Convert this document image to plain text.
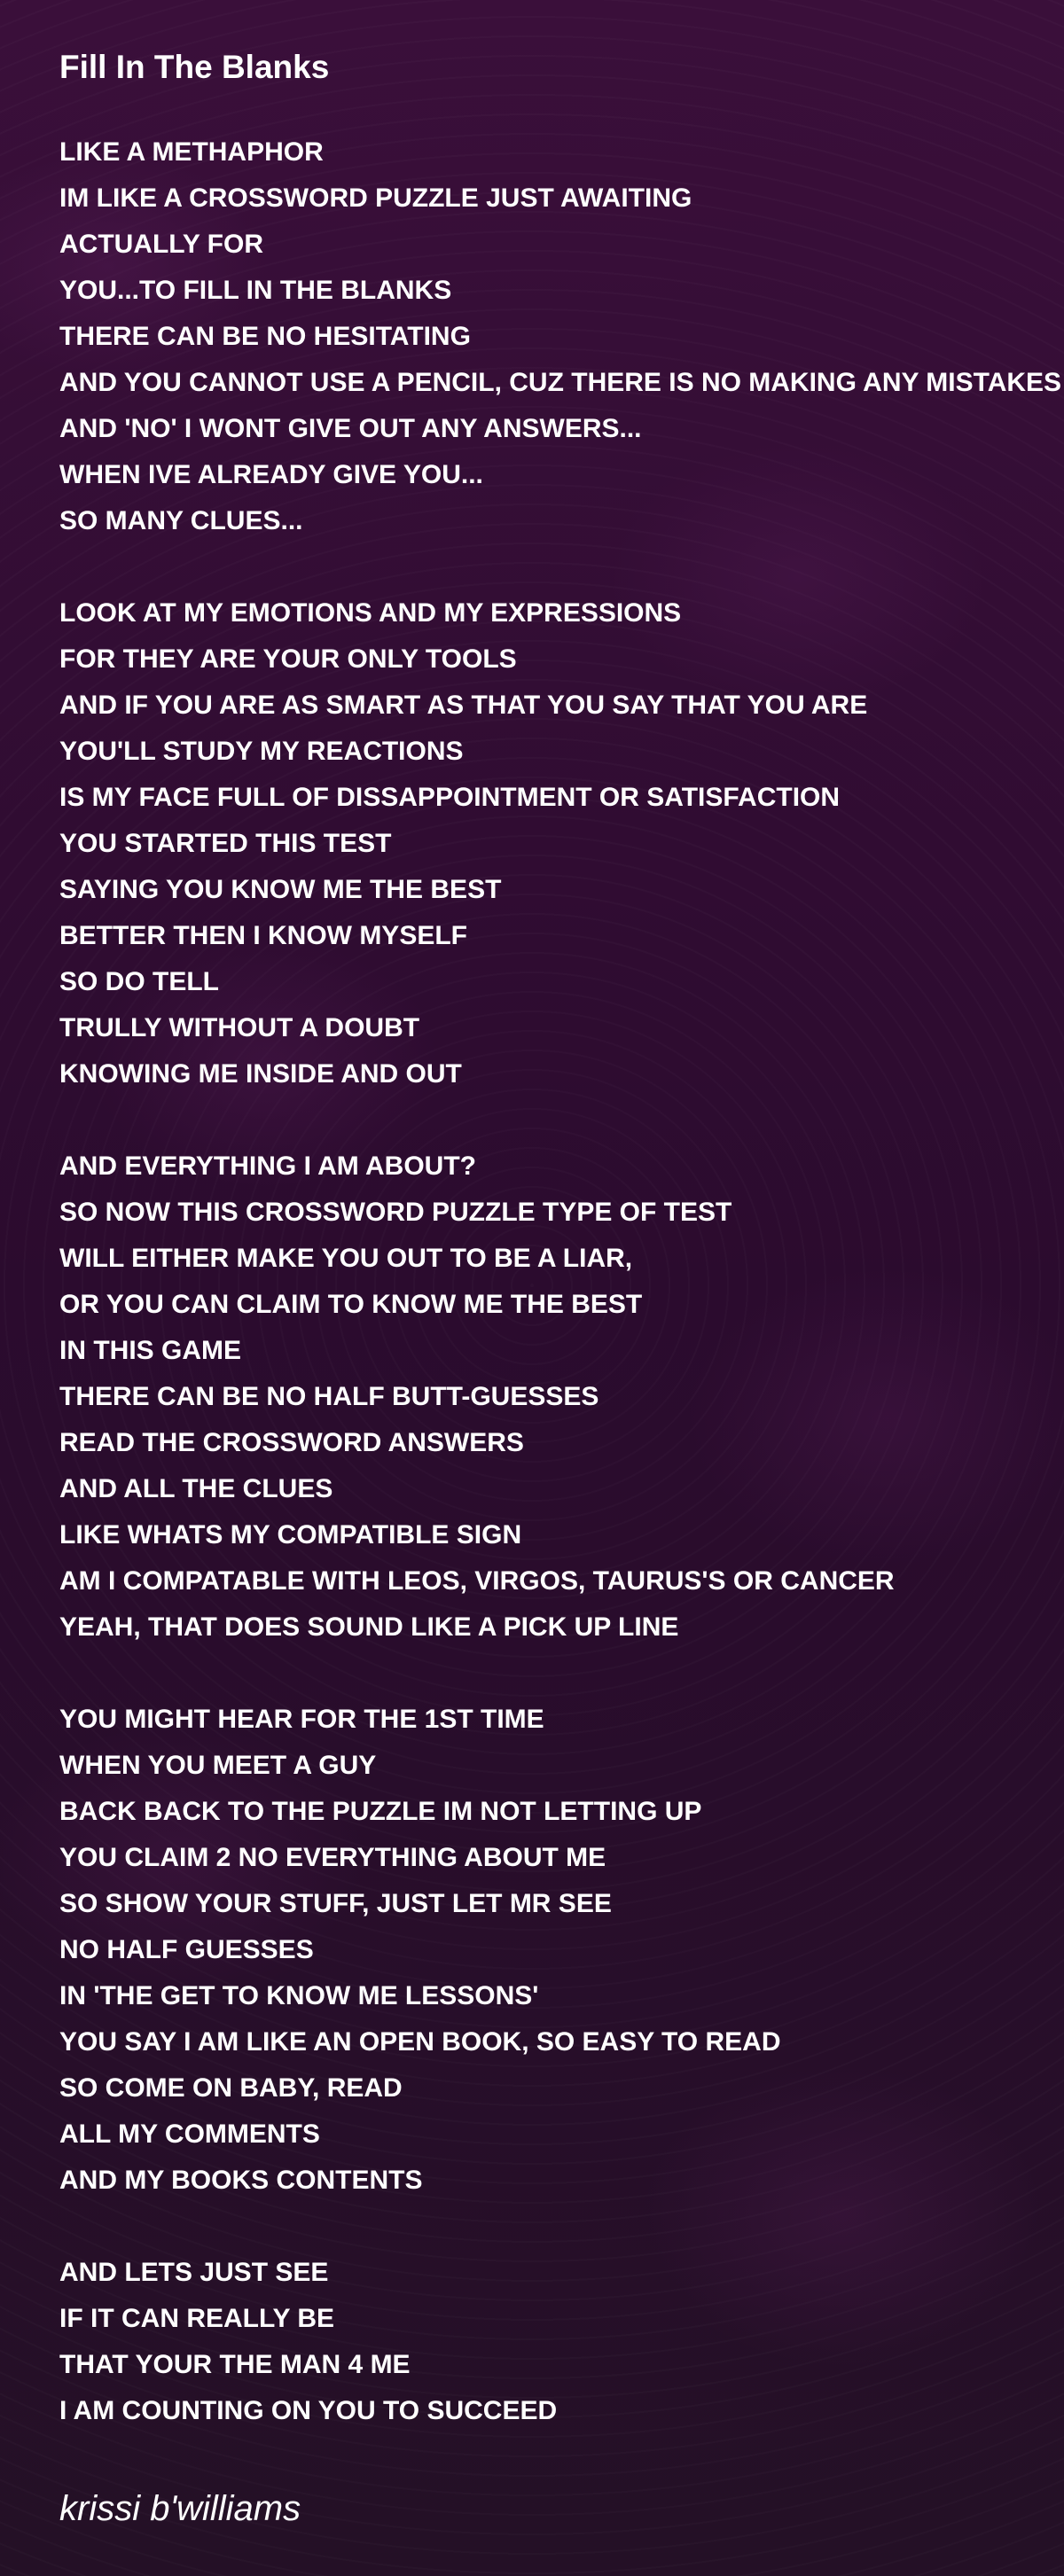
Fill In The Blanks
LIKE A METHAPHOR
IM LIKE A CROSSWORD PUZZLE JUST AWAITING
ACTUALLY FOR
YOU...TO FILL IN THE BLANKS
THERE CAN BE NO HESITATING
AND YOU CANNOT USE A PENCIL, CUZ THERE IS NO MAKING ANY MISTAKES
AND 'NO' I WONT GIVE OUT ANY ANSWERS...
WHEN IVE ALREADY GIVE YOU...
SO MANY CLUES...
LOOK AT MY EMOTIONS AND MY EXPRESSIONS
FOR THEY ARE YOUR ONLY TOOLS
AND IF YOU ARE AS SMART AS THAT YOU SAY THAT YOU ARE
YOU'LL STUDY MY REACTIONS
IS MY FACE FULL OF DISSAPPOINTMENT OR SATISFACTION
YOU STARTED THIS TEST
SAYING YOU KNOW ME THE BEST
BETTER THEN I KNOW MYSELF
SO DO TELL
TRULLY WITHOUT A DOUBT
KNOWING ME INSIDE AND OUT
AND EVERYTHING I AM ABOUT?
SO NOW THIS CROSSWORD PUZZLE TYPE OF TEST
WILL EITHER MAKE YOU OUT TO BE A LIAR,
OR YOU CAN CLAIM TO KNOW ME THE BEST
IN THIS GAME
THERE CAN BE NO HALF BUTT-GUESSES
READ THE CROSSWORD ANSWERS
AND ALL THE CLUES
LIKE WHATS MY COMPATIBLE SIGN
AM I COMPATABLE WITH LEOS, VIRGOS, TAURUS'S OR CANCER
YEAH, THAT DOES SOUND LIKE A PICK UP LINE
YOU MIGHT HEAR FOR THE 1ST TIME
WHEN YOU MEET A GUY
BACK BACK TO THE PUZZLE IM NOT LETTING UP
YOU CLAIM 2 NO EVERYTHING ABOUT ME
SO SHOW YOUR STUFF, JUST LET MR SEE
NO HALF GUESSES
IN 'THE GET TO KNOW ME LESSONS'
YOU SAY I AM LIKE AN OPEN BOOK, SO EASY TO READ
SO COME ON BABY, READ
ALL MY COMMENTS
AND MY BOOKS CONTENTS
AND LETS JUST SEE
IF IT CAN REALLY BE
THAT YOUR THE MAN 4 ME
I AM COUNTING ON YOU TO SUCCEED
krissi b'williams
